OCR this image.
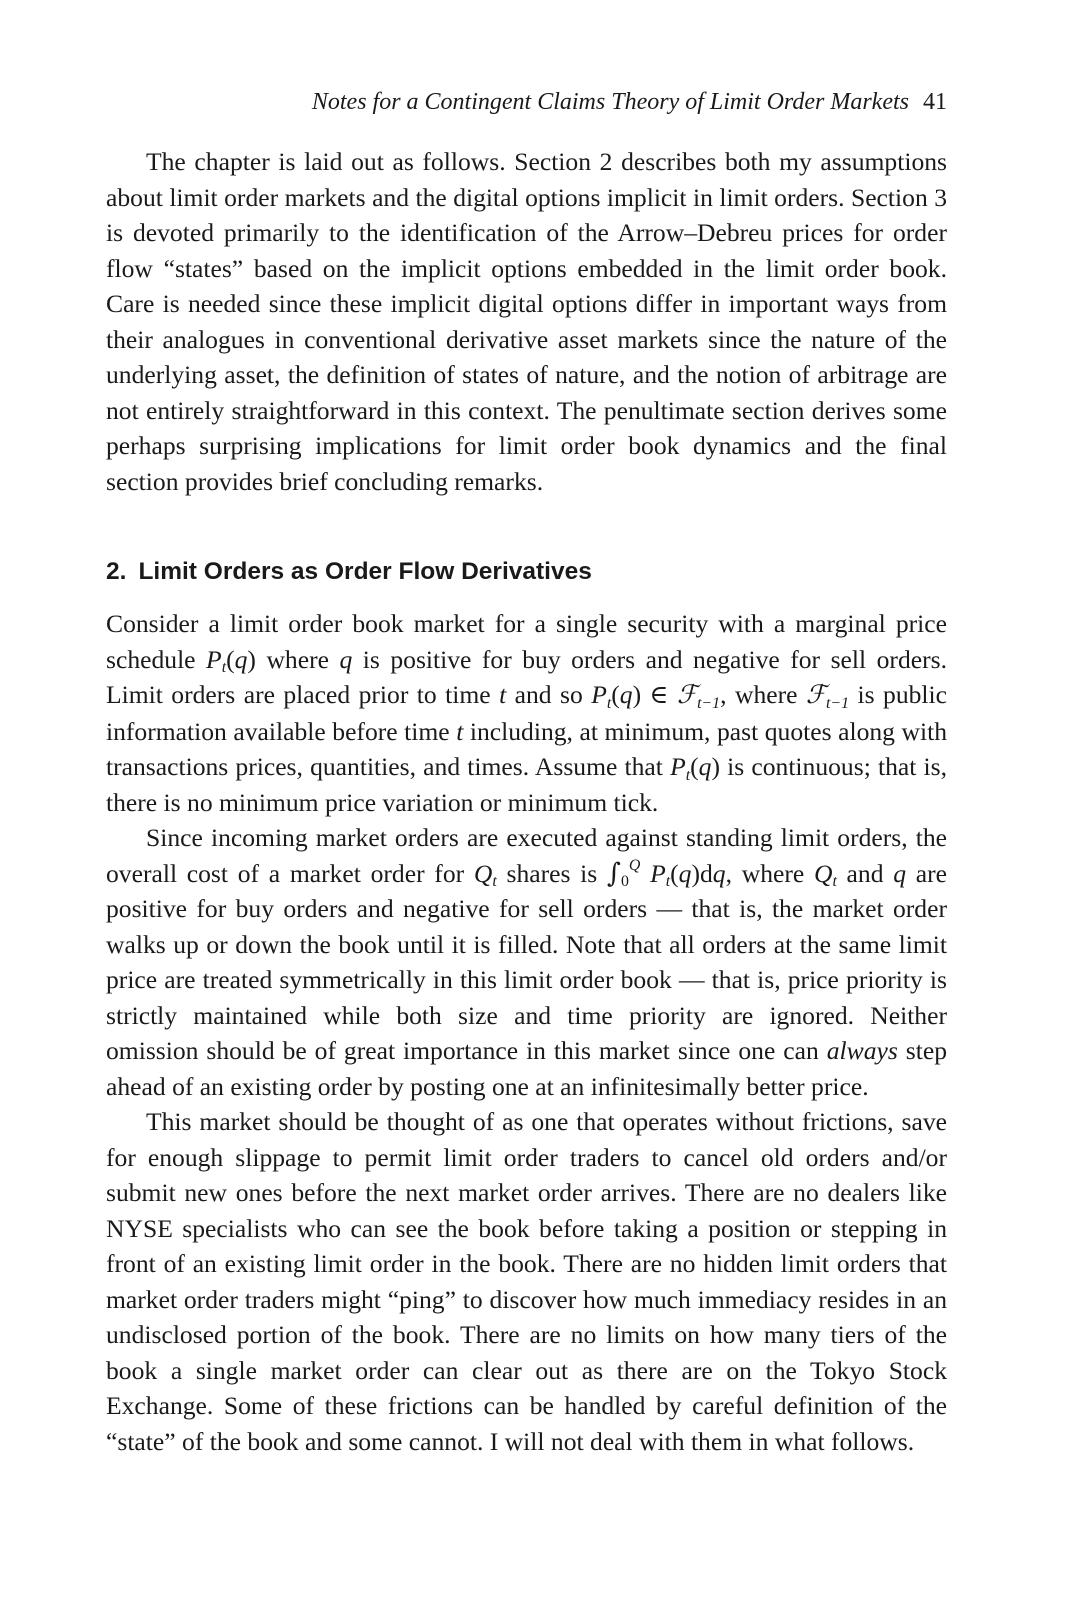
Notes for a Contingent Claims Theory of Limit Order Markets 41

The chapter is laid out as follows. Section 2 describes both my assumptions about limit order markets and the digital options implicit in limit orders. Section 3 is devoted primarily to the identification of the Arrow–Debreu prices for order flow “states” based on the implicit options embedded in the limit order book. Care is needed since these implicit digital options differ in important ways from their analogues in conventional derivative asset markets since the nature of the underlying asset, the definition of states of nature, and the notion of arbitrage are not entirely straightforward in this context. The penultimate section derives some perhaps surprising implications for limit order book dynamics and the final section provides brief concluding remarks.

2. Limit Orders as Order Flow Derivatives

Consider a limit order book market for a single security with a marginal price schedule $P_t(q)$ where q is positive for buy orders and negative for sell orders. Limit orders are placed prior to time t and so $P_t(q)$ ∈ ℱ$_{t-1}$, where ℱ$_{t-1}$ is public information available before time t including, at minimum, past quotes along with transactions prices, quantities, and times. Assume that $P_t(q)$ is continuous; that is, there is no minimum price variation or minimum tick.

Since incoming market orders are executed against standing limit orders, the overall cost of a market order for $Q_t$ shares is $\int_0^Q$ $P_t(q)dq$, where $Q_t$ and q are positive for buy orders and negative for sell orders — that is, the market order walks up or down the book until it is filled. Note that all orders at the same limit price are treated symmetrically in this limit order book — that is, price priority is strictly maintained while both size and time priority are ignored. Neither omission should be of great importance in this market since one can always step ahead of an existing order by posting one at an infinitesimally better price.

This market should be thought of as one that operates without frictions, save for enough slippage to permit limit order traders to cancel old orders and/or submit new ones before the next market order arrives. There are no dealers like NYSE specialists who can see the book before taking a position or stepping in front of an existing limit order in the book. There are no hidden limit orders that market order traders might “ping” to discover how much immediacy resides in an undisclosed portion of the book. There are no limits on how many tiers of the book a single market order can clear out as there are on the Tokyo Stock Exchange. Some of these frictions can be handled by careful definition of the “state” of the book and some cannot. I will not deal with them in what follows.
